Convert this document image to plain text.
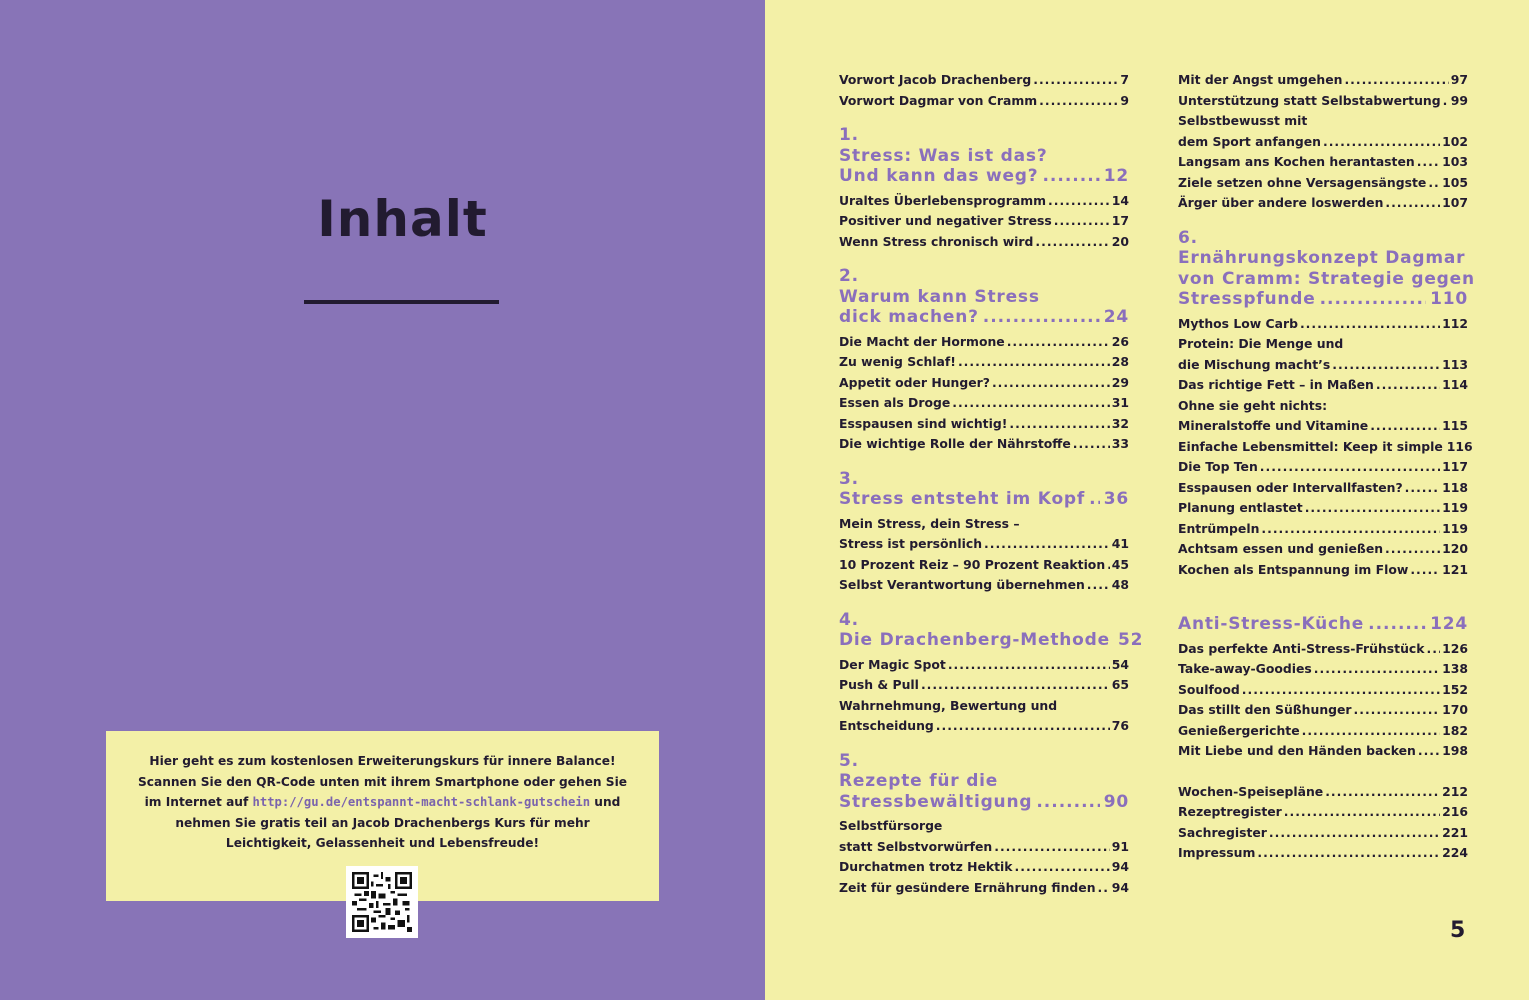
Inhalt

Hier geht es zum kostenlosen Erweiterungskurs für innere Balance! Scannen Sie den QR-Code unten mit ihrem Smartphone oder gehen Sie im Internet auf http://gu.de/entspannt-macht-schlank-gutschein und nehmen Sie gratis teil an Jacob Drachenbergs Kurs für mehr Leichtigkeit, Gelassenheit und Lebensfreude!

Vorwort Jacob Drachenberg .....	7
Vorwort Dagmar von Cramm .....	9
1.
Stress: Was ist das?
Und kann das weg? .....	12
Uraltes Überlebensprogramm .....	14
Positiver und negativer Stress .....	17
Wenn Stress chronisch wird .....	20
2.
Warum kann Stress
dick machen? .....	24
Die Macht der Hormone .....	26
Zu wenig Schlaf! .....	28
Appetit oder Hunger? .....	29
Essen als Droge .....	31
Esspausen sind wichtig! .....	32
Die wichtige Rolle der Nährstoffe .....	33
3.
Stress entsteht im Kopf ..... 36
Mein Stress, dein Stress –
Stress ist persönlich .....	41
10 Prozent Reiz – 90 Prozent Reaktion ..... 45
Selbst Verantwortung übernehmen ..... 48
4.
Die Drachenberg-Methode 52
Der Magic Spot .....	54
Push & Pull .....	65
Wahrnehmung, Bewertung und
Entscheidung .....	76
5.
Rezepte für die
Stressbewältigung .....	90
Selbstfürsorge
statt Selbstvorwürfen .....	91
Durchatmen trotz Hektik .....	94
Zeit für gesündere Ernährung finden ..... 94
Mit der Angst umgehen .....	97
Unterstützung statt Selbstabwertung ..... 99
Selbstbewusst mit
dem Sport anfangen .....	102
Langsam ans Kochen herantasten ..... 103
Ziele setzen ohne Versagensängste ..... 105
Ärger über andere loswerden .....	107
6.
Ernährungskonzept Dagmar
von Cramm: Strategie gegen
Stresspfunde .....	110
Mythos Low Carb .....	112
Protein: Die Menge und
die Mischung macht’s .....	113
Das richtige Fett – in Maßen .....	114
Ohne sie geht nichts:
Mineralstoffe und Vitamine .....	115
Einfache Lebensmittel: Keep it simple 116
Die Top Ten .....	117
Esspausen oder Intervallfasten? .....	118
Planung entlastet .....	119
Entrümpeln .....	119
Achtsam essen und genießen .....	120
Kochen als Entspannung im Flow .....	121
Anti-Stress-Küche .....	124
Das perfekte Anti-Stress-Frühstück ..... 126
Take-away-Goodies .....	138
Soulfood .....	152
Das stillt den Süßhunger .....	170
Genießergerichte .....	182
Mit Liebe und den Händen backen ..... 198
Wochen-Speisepläne .....	212
Rezeptregister .....	216
Sachregister .....	221
Impressum .....	224
5
